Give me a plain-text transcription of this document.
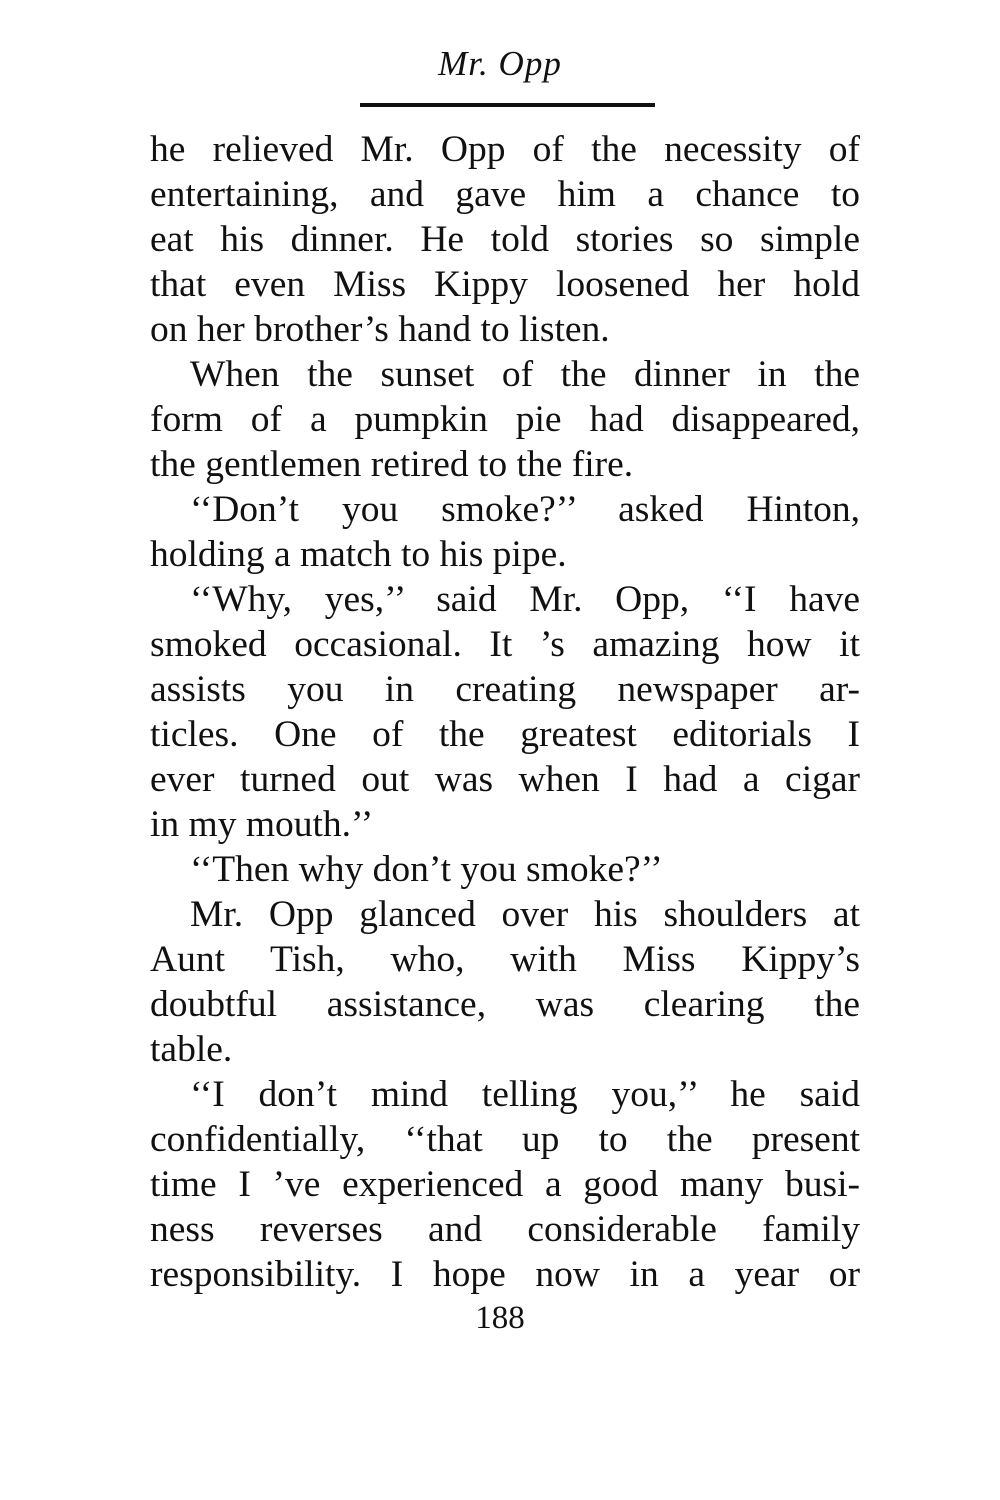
Mr. Opp
he relieved Mr. Opp of the necessity of
entertaining, and gave him a chance to
eat his dinner. He told stories so simple
that even Miss Kippy loosened her hold
on her brother’s hand to listen.
When the sunset of the dinner in the
form of a pumpkin pie had disappeared,
the gentlemen retired to the fire.
‘‘Don’t you smoke?’’ asked Hinton,
holding a match to his pipe.
‘‘Why, yes,’’ said Mr. Opp, ‘‘I have
smoked occasional. It ’s amazing how it
assists you in creating newspaper ar-
ticles. One of the greatest editorials I
ever turned out was when I had a cigar
in my mouth.’’
‘‘Then why don’t you smoke?’’
Mr. Opp glanced over his shoulders at
Aunt Tish, who, with Miss Kippy’s
doubtful assistance, was clearing the
table.
‘‘I don’t mind telling you,’’ he said
confidentially, ‘‘that up to the present
time I ’ve experienced a good many busi-
ness reverses and considerable family
responsibility. I hope now in a year or
188
